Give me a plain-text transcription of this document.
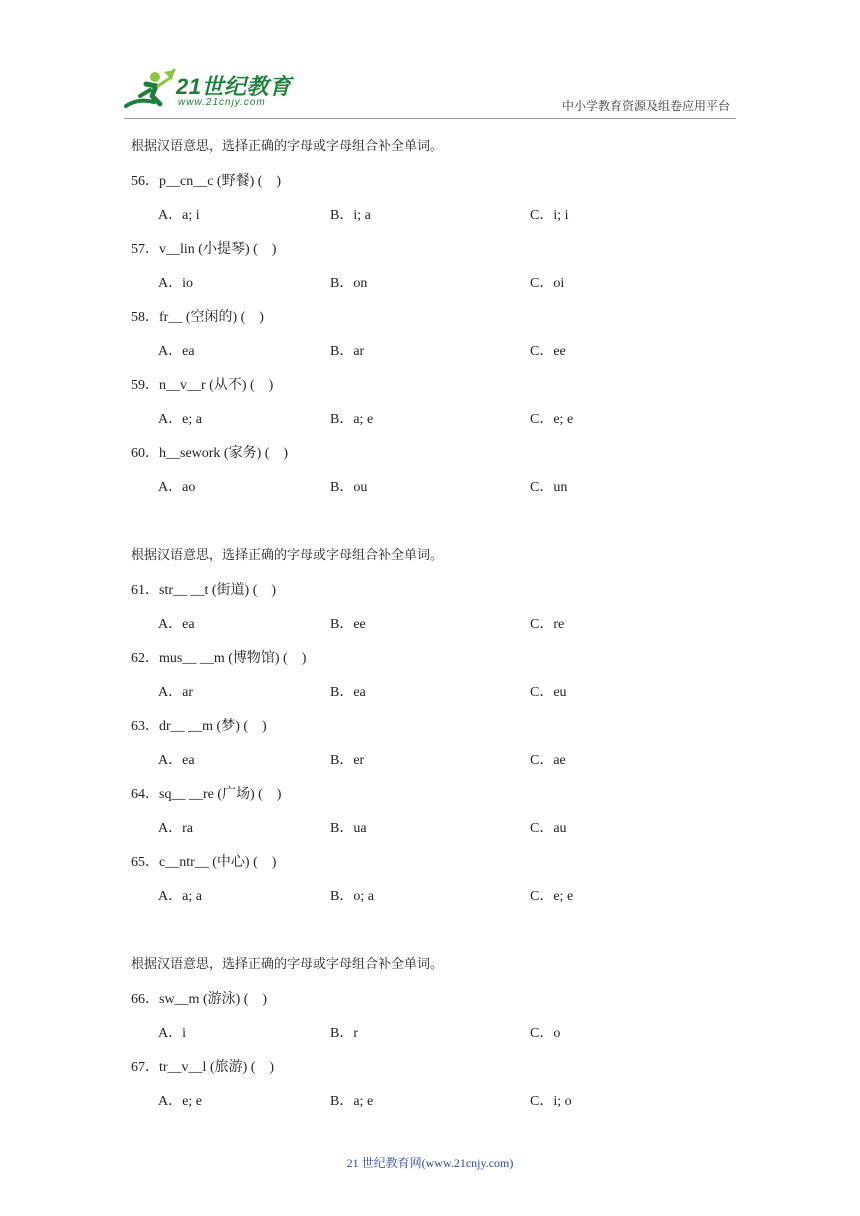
21世纪教育
www.21cnjy.com	中小学教育资源及组卷应用平台
根据汉语意思，选择正确的字母或字母组合补全单词。
56．p__cn__c (野餐) (　)
A．a; i	B．i; a	C．i; i
57．v__lin (小提琴) (　)
A．io	B．on	C．oi
58．fr__ (空闲的) (　)
A．ea	B．ar	C．ee
59．n__v__r (从不) (　)
A．e; a	B．a; e	C．e; e
60．h__sework (家务) (　)
A．ao	B．ou	C．un
根据汉语意思，选择正确的字母或字母组合补全单词。
61．str__ __t (街道) (　)
A．ea	B．ee	C．re
62．mus__ __m (博物馆) (　)
A．ar	B．ea	C．eu
63．dr__ __m (梦) (　)
A．ea	B．er	C．ae
64．sq__ __re (广场) (　)
A．ra	B．ua	C．au
65．c__ntr__ (中心) (　)
A．a; a	B．o; a	C．e; e
根据汉语意思，选择正确的字母或字母组合补全单词。
66．sw__m (游泳) (　)
A．i	B．r	C．o
67．tr__v__l (旅游) (　)
A．e; e	B．a; e	C．i; o
21 世纪教育网(www.21cnjy.com)
